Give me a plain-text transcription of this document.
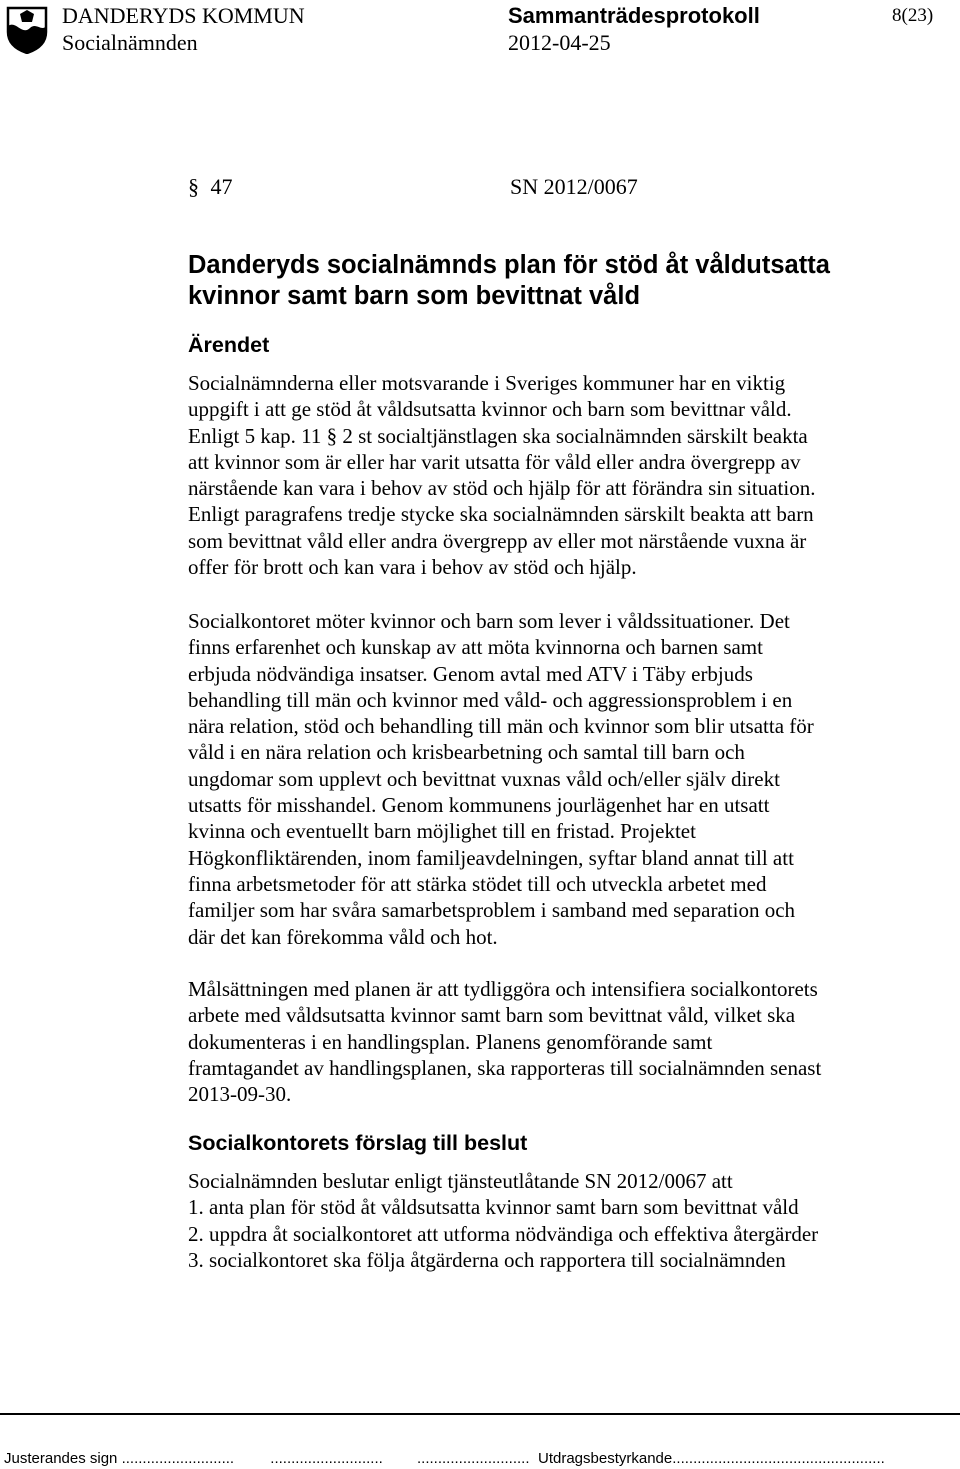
DANDERYDS KOMMUN
Socialnämnden
Sammanträdesprotokoll
2012-04-25
8(23)
§ 47	SN 2012/0067
Danderyds socialnämnds plan för stöd åt våldutsatta
kvinnor samt barn som bevittnat våld
Ärendet
Socialnämnderna eller motsvarande i Sveriges kommuner har en viktig
uppgift i att ge stöd åt våldsutsatta kvinnor och barn som bevittnar våld.
Enligt 5 kap. 11 § 2 st socialtjänstlagen ska socialnämnden särskilt beakta
att kvinnor som är eller har varit utsatta för våld eller andra övergrepp av
närstående kan vara i behov av stöd och hjälp för att förändra sin situation.
Enligt paragrafens tredje stycke ska socialnämnden särskilt beakta att barn
som bevittnat våld eller andra övergrepp av eller mot närstående vuxna är
offer för brott och kan vara i behov av stöd och hjälp.
Socialkontoret möter kvinnor och barn som lever i våldssituationer. Det
finns erfarenhet och kunskap av att möta kvinnorna och barnen samt
erbjuda nödvändiga insatser. Genom avtal med ATV i Täby erbjuds
behandling till män och kvinnor med våld- och aggressionsproblem i en
nära relation, stöd och behandling till män och kvinnor som blir utsatta för
våld i en nära relation och krisbearbetning och samtal till barn och
ungdomar som upplevt och bevittnat vuxnas våld och/eller själv direkt
utsatts för misshandel. Genom kommunens jourlägenhet har en utsatt
kvinna och eventuellt barn möjlighet till en fristad. Projektet
Högkonfliktärenden, inom familjeavdelningen, syftar bland annat till att
finna arbetsmetoder för att stärka stödet till och utveckla arbetet med
familjer som har svåra samarbetsproblem i samband med separation och
där det kan förekomma våld och hot.
Målsättningen med planen är att tydliggöra och intensifiera socialkontorets
arbete med våldsutsatta kvinnor samt barn som bevittnat våld, vilket ska
dokumenteras i en handlingsplan. Planens genomförande samt
framtagandet av handlingsplanen, ska rapporteras till socialnämnden senast
2013-09-30.
Socialkontorets förslag till beslut
Socialnämnden beslutar enligt tjänsteutlåtande SN 2012/0067 att
1. anta plan för stöd åt våldsutsatta kvinnor samt barn som bevittnat våld
2. uppdra åt socialkontoret att utforma nödvändiga och effektiva återgärder
3. socialkontoret ska följa åtgärderna och rapportera till socialnämnden
Justerandes sign ........................... ........................... ........................... Utdragsbestyrkande...................................................
